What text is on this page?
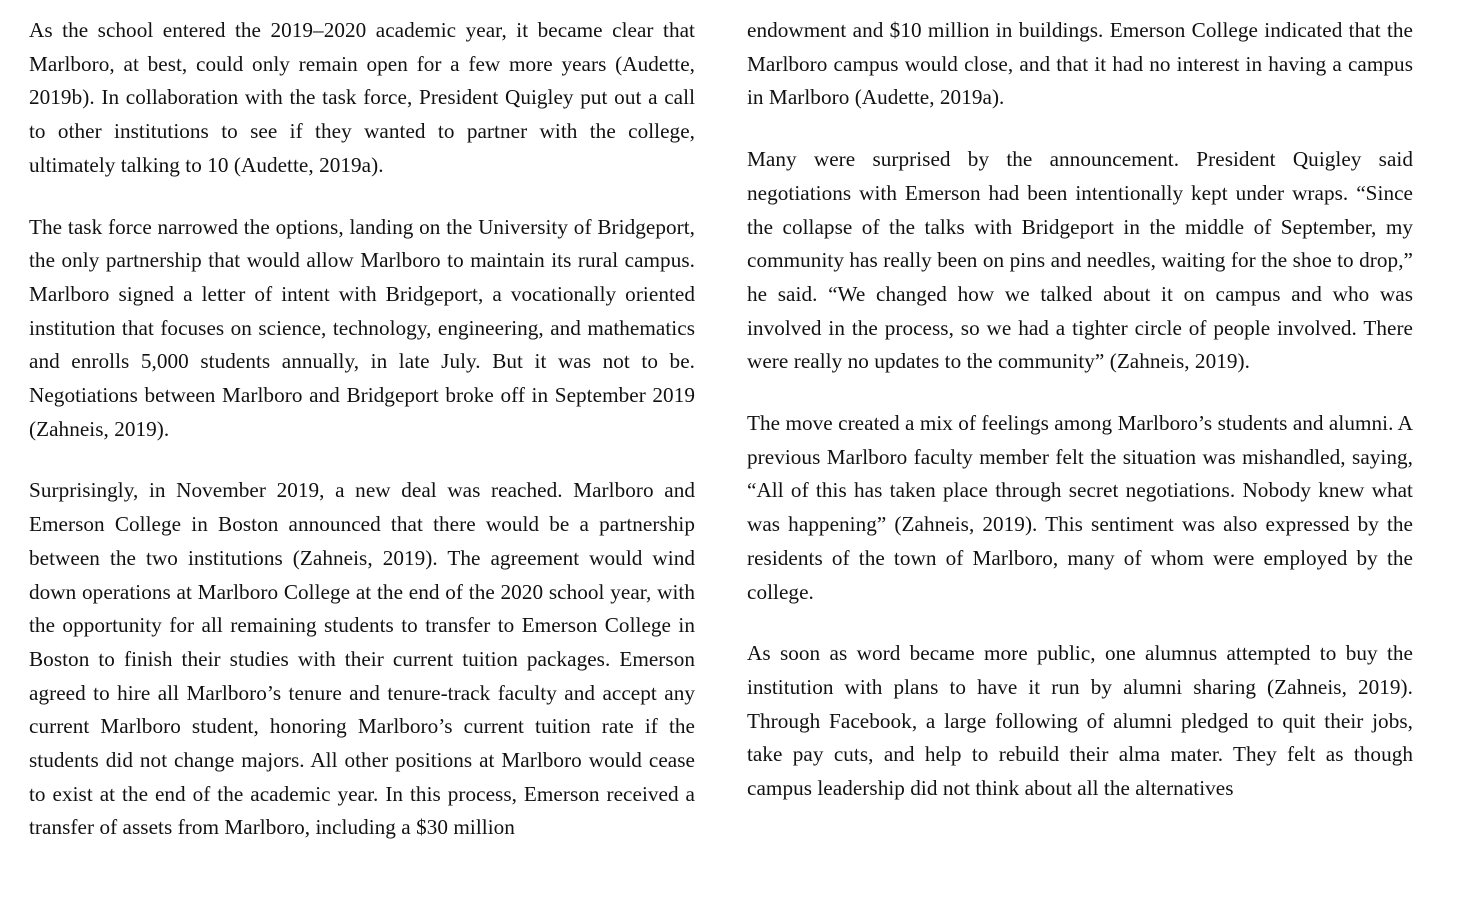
As the school entered the 2019–2020 academic year, it became clear that Marlboro, at best, could only remain open for a few more years (Audette, 2019b). In collaboration with the task force, President Quigley put out a call to other institutions to see if they wanted to partner with the college, ultimately talking to 10 (Audette, 2019a).

The task force narrowed the options, landing on the University of Bridgeport, the only partnership that would allow Marlboro to maintain its rural campus. Marlboro signed a letter of intent with Bridgeport, a vocationally oriented institution that focuses on science, technology, engineering, and mathematics and enrolls 5,000 students annually, in late July. But it was not to be. Negotiations between Marlboro and Bridgeport broke off in September 2019 (Zahneis, 2019).

Surprisingly, in November 2019, a new deal was reached. Marlboro and Emerson College in Boston announced that there would be a partnership between the two institutions (Zahneis, 2019). The agreement would wind down operations at Marlboro College at the end of the 2020 school year, with the opportunity for all remaining students to transfer to Emerson College in Boston to finish their studies with their current tuition packages. Emerson agreed to hire all Marlboro’s tenure and tenure-track faculty and accept any current Marlboro student, honoring Marlboro’s current tuition rate if the students did not change majors. All other positions at Marlboro would cease to exist at the end of the academic year. In this process, Emerson received a transfer of assets from Marlboro, including a $30 million

endowment and $10 million in buildings. Emerson College indicated that the Marlboro campus would close, and that it had no interest in having a campus in Marlboro (Audette, 2019a).

Many were surprised by the announcement. President Quigley said negotiations with Emerson had been intentionally kept under wraps. “Since the collapse of the talks with Bridgeport in the middle of September, my community has really been on pins and needles, waiting for the shoe to drop,” he said. “We changed how we talked about it on campus and who was involved in the process, so we had a tighter circle of people involved. There were really no updates to the community” (Zahneis, 2019).

The move created a mix of feelings among Marlboro’s students and alumni. A previous Marlboro faculty member felt the situation was mishandled, saying, “All of this has taken place through secret negotiations. Nobody knew what was happening” (Zahneis, 2019). This sentiment was also expressed by the residents of the town of Marlboro, many of whom were employed by the college.

As soon as word became more public, one alumnus attempted to buy the institution with plans to have it run by alumni sharing (Zahneis, 2019). Through Facebook, a large following of alumni pledged to quit their jobs, take pay cuts, and help to rebuild their alma mater. They felt as though campus leadership did not think about all the alternatives
